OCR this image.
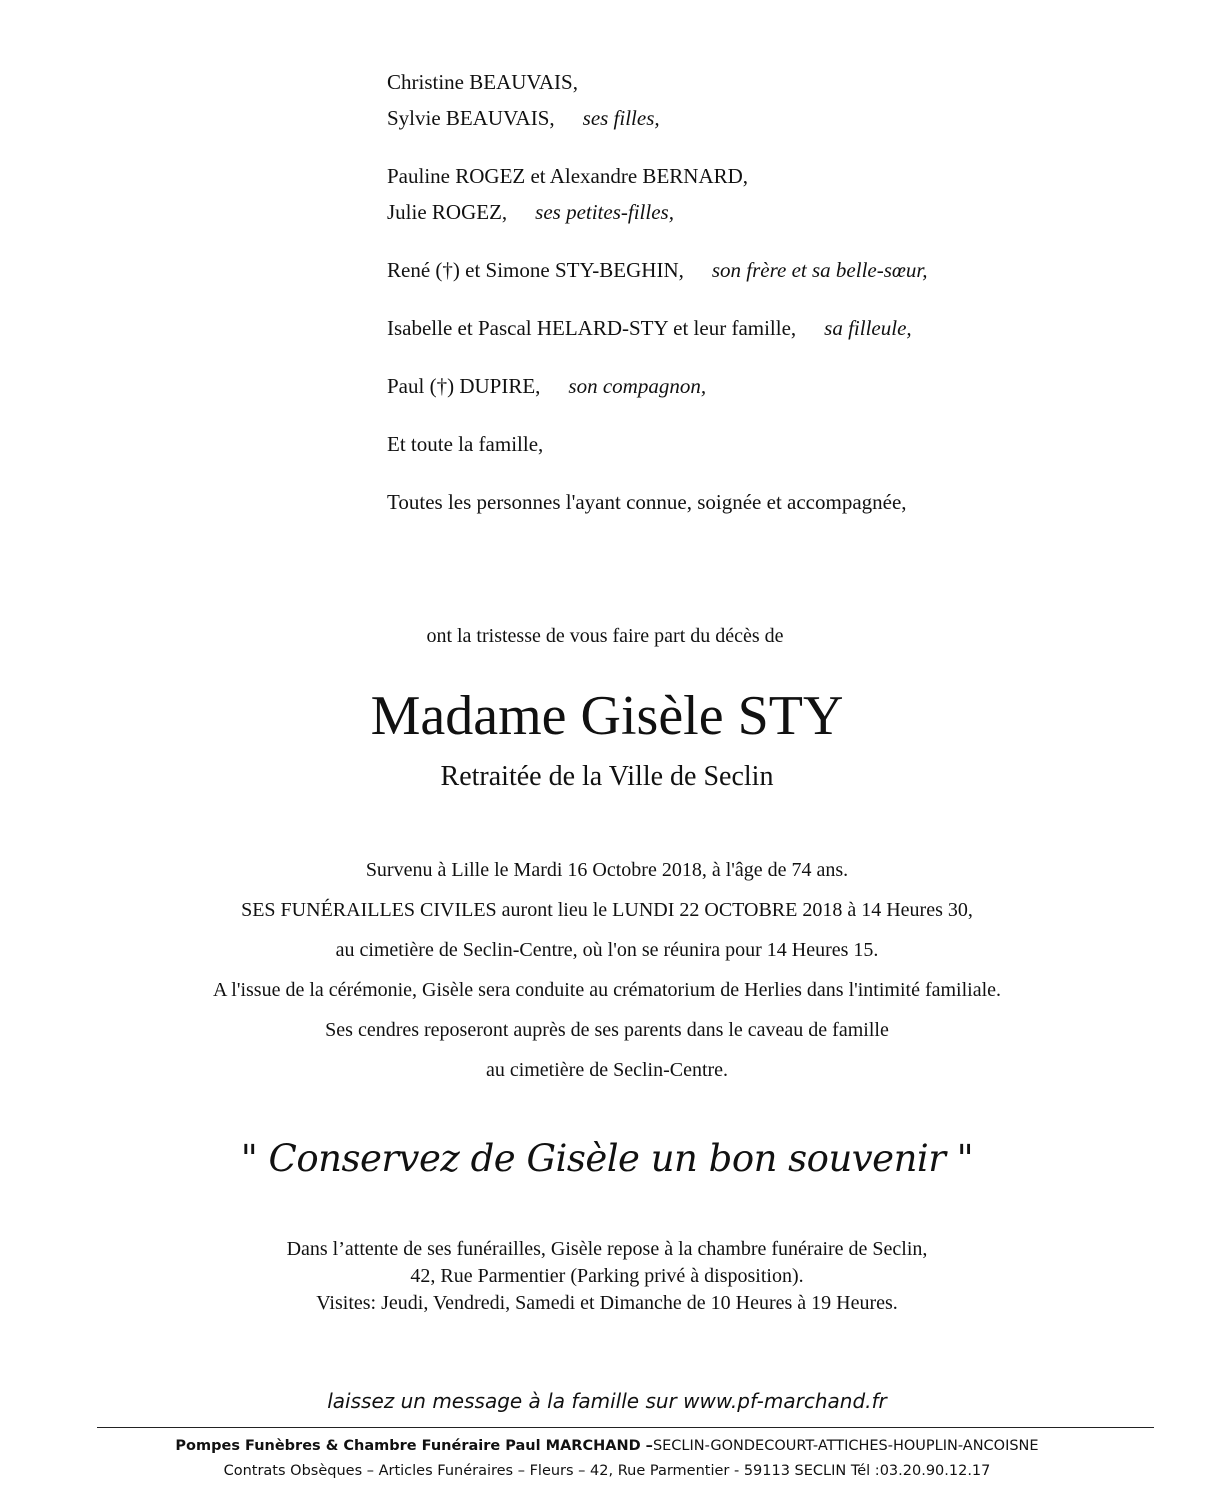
Christine BEAUVAIS,
Sylvie BEAUVAIS, ses filles,
Pauline ROGEZ et Alexandre BERNARD,
Julie ROGEZ, ses petites-filles,
René (†) et Simone STY-BEGHIN, son frère et sa belle-sœur,
Isabelle et Pascal HELARD-STY et leur famille, sa filleule,
Paul (†) DUPIRE, son compagnon,
Et toute la famille,
Toutes les personnes l'ayant connue, soignée et accompagnée,
ont la tristesse de vous faire part du décès de
Madame Gisèle STY
Retraitée de la Ville de Seclin
Survenu à Lille le Mardi 16 Octobre 2018, à l'âge de 74 ans.
SES FUNÉRAILLES CIVILES auront lieu le LUNDI 22 OCTOBRE 2018 à 14 Heures 30,
au cimetière de Seclin-Centre, où l'on se réunira pour 14 Heures 15.
A l'issue de la cérémonie, Gisèle sera conduite au crématorium de Herlies dans l'intimité familiale.
Ses cendres reposeront auprès de ses parents dans le caveau de famille
au cimetière de Seclin-Centre.
" Conservez de Gisèle un bon souvenir "
Dans l’attente de ses funérailles, Gisèle repose à la chambre funéraire de Seclin,
42, Rue Parmentier (Parking privé à disposition).
Visites: Jeudi, Vendredi, Samedi et Dimanche de 10 Heures à 19 Heures.
laissez un message à la famille sur www.pf-marchand.fr
Pompes Funèbres & Chambre Funéraire Paul MARCHAND –SECLIN-GONDECOURT-ATTICHES-HOUPLIN-ANCOISNE
Contrats Obsèques – Articles Funéraires – Fleurs – 42, Rue Parmentier - 59113 SECLIN Tél :03.20.90.12.17
